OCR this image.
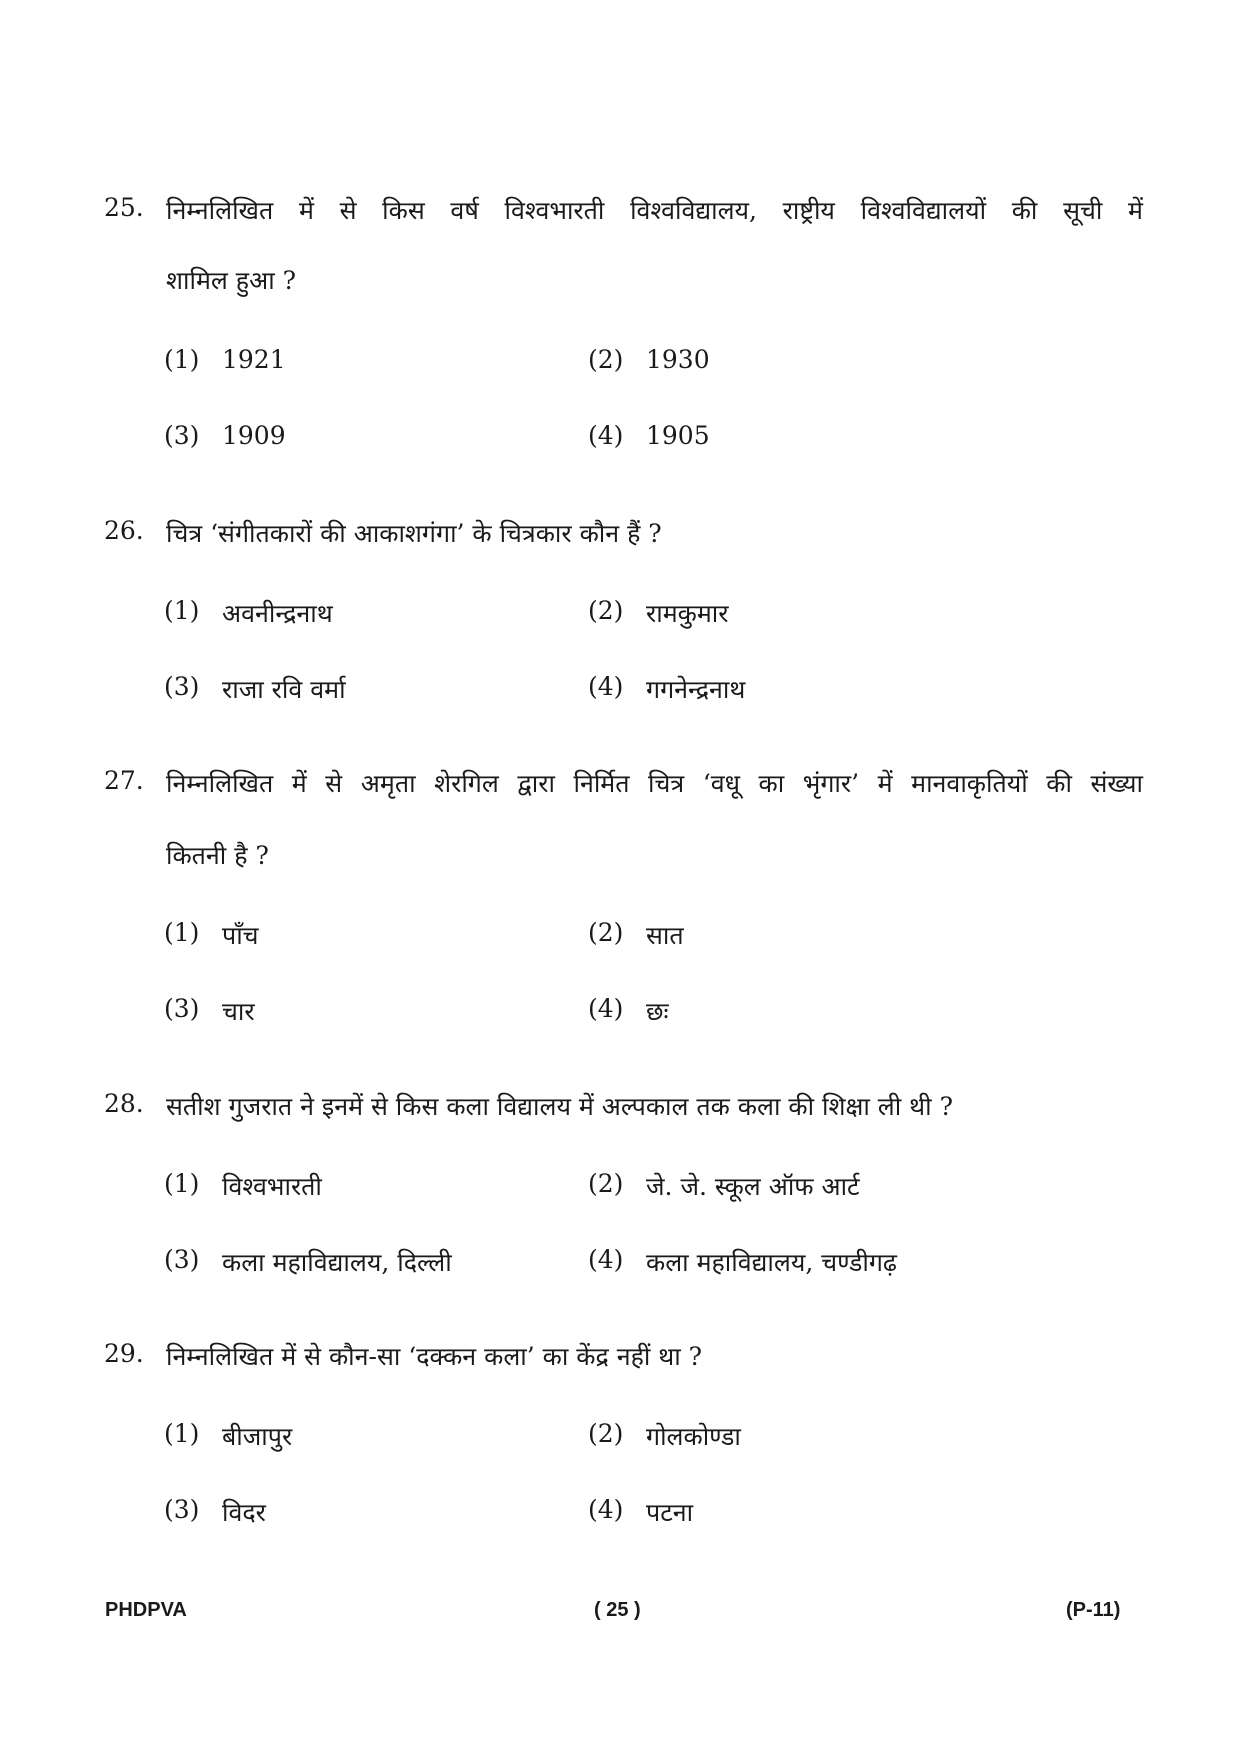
25. निम्नलिखित में से किस वर्ष विश्वभारती विश्वविद्यालय, राष्ट्रीय विश्वविद्यालयों की सूची में
शामिल हुआ ?
(1) 1921	(2) 1930
(3) 1909	(4) 1905
26. चित्र ‘संगीतकारों की आकाशगंगा’ के चित्रकार कौन हैं ?
(1) अवनीन्द्रनाथ	(2) रामकुमार
(3) राजा रवि वर्मा	(4) गगनेन्द्रनाथ
27. निम्नलिखित में से अमृता शेरगिल द्वारा निर्मित चित्र ‘वधू का भृंगार’ में मानवाकृतियों की संख्या
कितनी है ?
(1) पाँच	(2) सात
(3) चार	(4) छः
28. सतीश गुजरात ने इनमें से किस कला विद्यालय में अल्पकाल तक कला की शिक्षा ली थी ?
(1) विश्वभारती	(2) जे. जे. स्कूल ऑफ आर्ट
(3) कला महाविद्यालय, दिल्ली	(4) कला महाविद्यालय, चण्डीगढ़
29. निम्नलिखित में से कौन-सा ‘दक्कन कला’ का केंद्र नहीं था ?
(1) बीजापुर	(2) गोलकोण्डा
(3) विदर	(4) पटना
PHDPVA	( 25 )	(P-11)
